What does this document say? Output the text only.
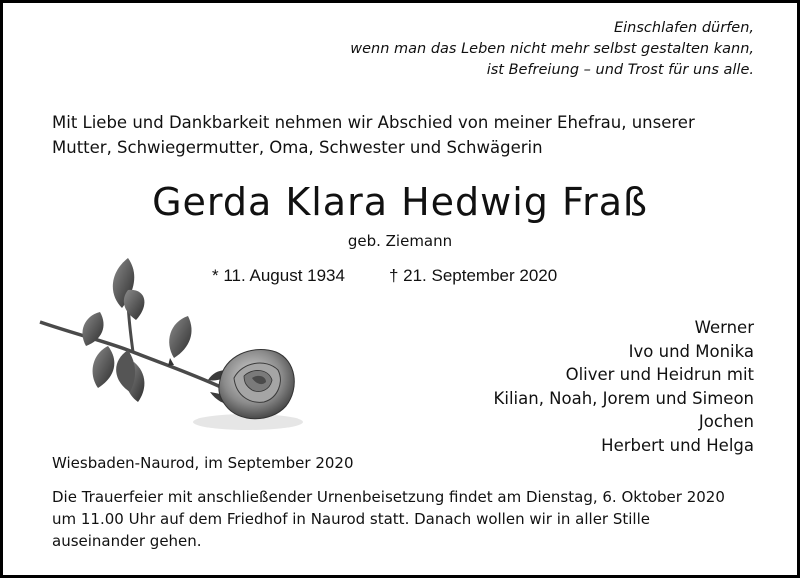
Einschlafen dürfen,
wenn man das Leben nicht mehr selbst gestalten kann,
ist Befreiung – und Trost für uns alle.
Mit Liebe und Dankbarkeit nehmen wir Abschied von meiner Ehefrau, unserer
Mutter, Schwiegermutter, Oma, Schwester und Schwägerin
Gerda Klara Hedwig Fraß
geb. Ziemann
* 11. August 1934	† 21. September 2020
Werner
Ivo und Monika
Oliver und Heidrun mit
Kilian, Noah, Jorem und Simeon
Jochen
Herbert und Helga
Wiesbaden-Naurod, im September 2020
Die Trauerfeier mit anschließender Urnenbeisetzung findet am Dienstag, 6. Oktober 2020
um 11.00 Uhr auf dem Friedhof in Naurod statt. Danach wollen wir in aller Stille
auseinander gehen.
